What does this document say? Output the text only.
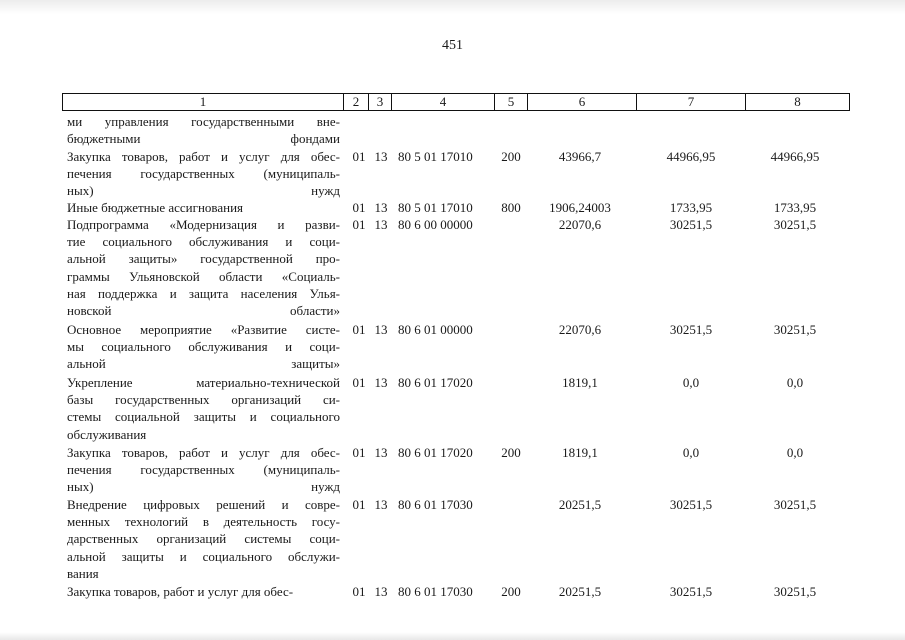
451
1	2	3	4	5	6	7	8
ми управления государственными вне-
бюджетными фондами
Закупка товаров, работ и услуг для обес-
печения государственных (муниципаль-
ных) нужд
01 13 80 5 01 17010	200	43966,7	44966,95	44966,95
Иные бюджетные ассигнования	01 13 80 5 01 17010	800	1906,24003	1733,95	1733,95
Подпрограмма «Модернизация и разви-
тие социального обслуживания и соци-
альной защиты» государственной про-
граммы Ульяновской области «Социаль-
ная поддержка и защита населения Улья-
новской области»
01 13 80 6 00 00000	22070,6	30251,5	30251,5
Основное мероприятие «Развитие систе-
мы социального обслуживания и соци-
альной защиты»
01 13 80 6 01 00000	22070,6	30251,5	30251,5
Укрепление материально-технической
базы государственных организаций си-
стемы социальной защиты и социального
обслуживания
01 13 80 6 01 17020	1819,1	0,0	0,0
Закупка товаров, работ и услуг для обес-
печения государственных (муниципаль-
ных) нужд
01 13 80 6 01 17020	200	1819,1	0,0	0,0
Внедрение цифровых решений и совре-
менных технологий в деятельность госу-
дарственных организаций системы соци-
альной защиты и социального обслужи-
вания
01 13 80 6 01 17030	20251,5	30251,5	30251,5
Закупка товаров, работ и услуг для обес-	01 13 80 6 01 17030	200	20251,5	30251,5	30251,5
